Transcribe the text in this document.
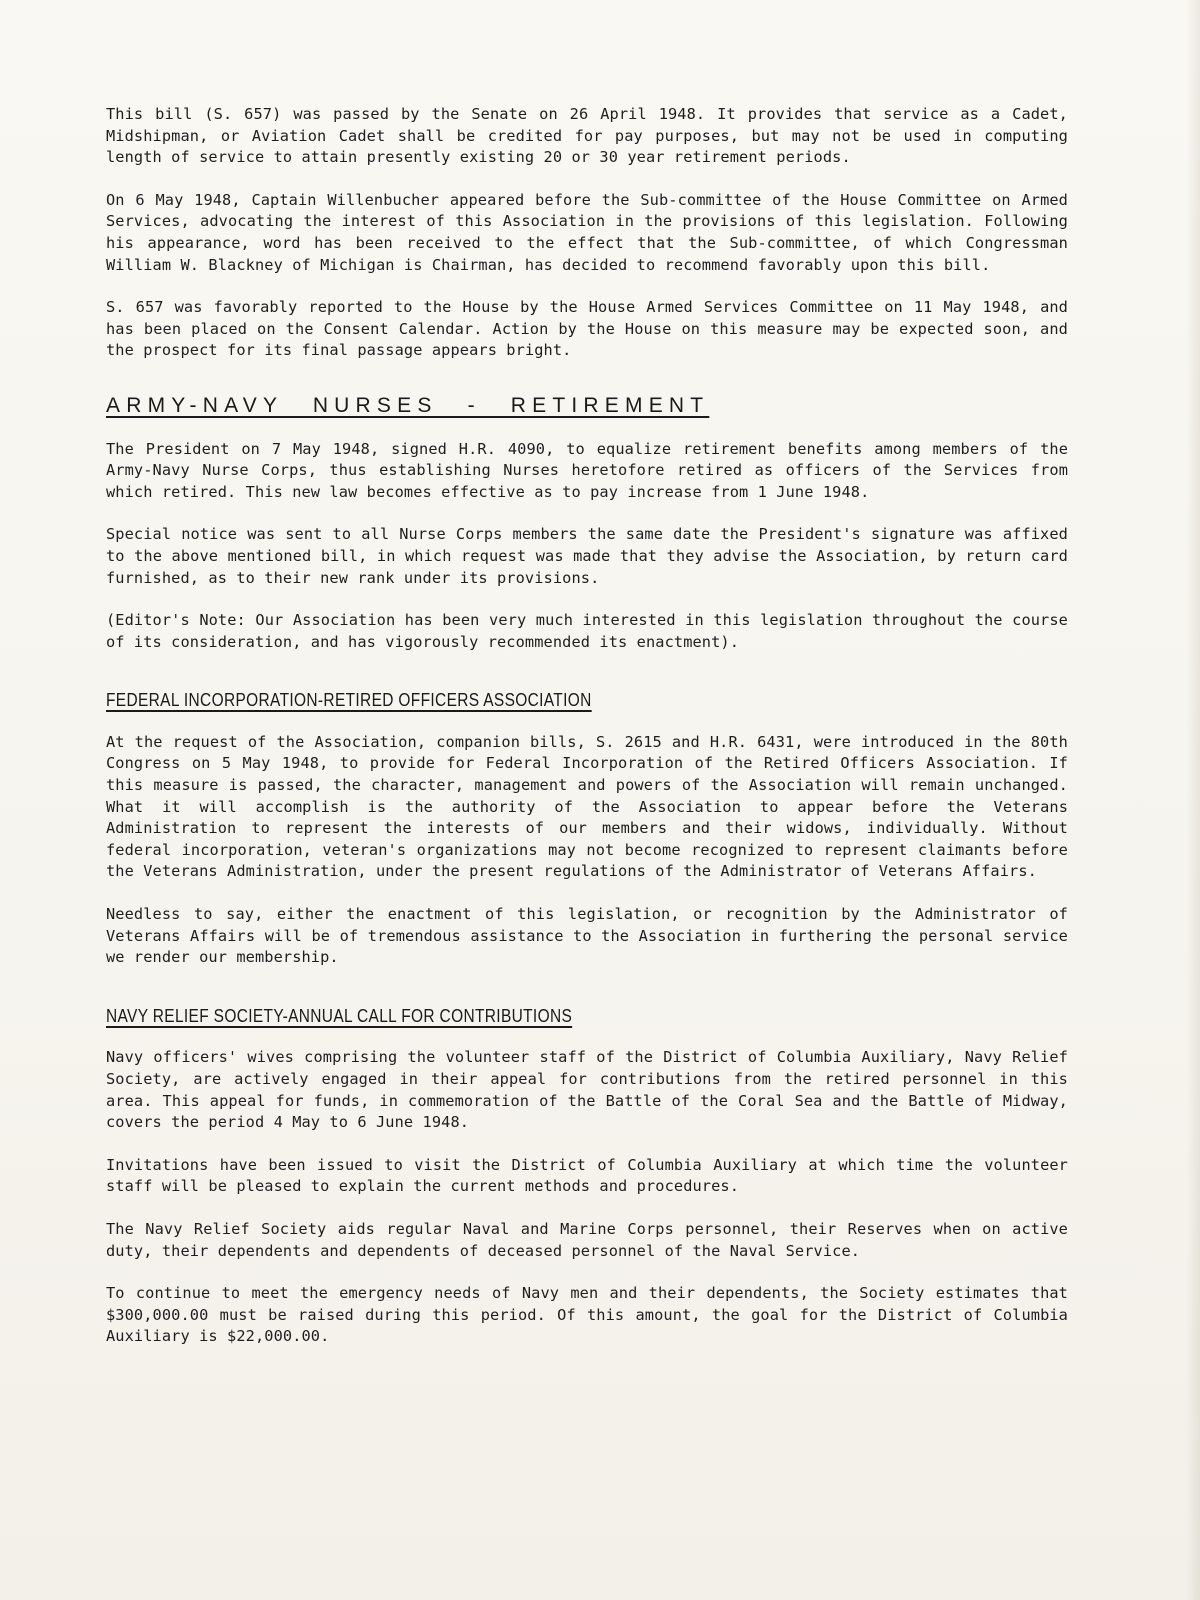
This bill (S. 657) was passed by the Senate on 26 April 1948. It provides that service as a Cadet, Midshipman, or Aviation Cadet shall be credited for pay purposes, but may not be used in computing length of service to attain presently existing 20 or 30 year retirement periods.

On 6 May 1948, Captain Willenbucher appeared before the Sub-committee of the House Committee on Armed Services, advocating the interest of this Association in the provisions of this legislation. Following his appearance, word has been received to the effect that the Sub-committee, of which Congressman William W. Blackney of Michigan is Chairman, has decided to recommend favorably upon this bill.

S. 657 was favorably reported to the House by the House Armed Services Committee on 11 May 1948, and has been placed on the Consent Calendar. Action by the House on this measure may be expected soon, and the prospect for its final passage appears bright.

ARMY-NAVY NURSES - RETIREMENT

The President on 7 May 1948, signed H.R. 4090, to equalize retirement benefits among members of the Army-Navy Nurse Corps, thus establishing Nurses heretofore retired as officers of the Services from which retired. This new law becomes effective as to pay increase from 1 June 1948.

Special notice was sent to all Nurse Corps members the same date the President's signature was affixed to the above mentioned bill, in which request was made that they advise the Association, by return card furnished, as to their new rank under its provisions.

(Editor's Note: Our Association has been very much interested in this legislation throughout the course of its consideration, and has vigorously recommended its enactment).

FEDERAL INCORPORATION-RETIRED OFFICERS ASSOCIATION

At the request of the Association, companion bills, S. 2615 and H.R. 6431, were introduced in the 80th Congress on 5 May 1948, to provide for Federal Incorporation of the Retired Officers Association. If this measure is passed, the character, management and powers of the Association will remain unchanged. What it will accomplish is the authority of the Association to appear before the Veterans Administration to represent the interests of our members and their widows, individually. Without federal incorporation, veteran's organizations may not become recognized to represent claimants before the Veterans Administration, under the present regulations of the Administrator of Veterans Affairs.

Needless to say, either the enactment of this legislation, or recognition by the Administrator of Veterans Affairs will be of tremendous assistance to the Association in furthering the personal service we render our membership.

NAVY RELIEF SOCIETY-ANNUAL CALL FOR CONTRIBUTIONS

Navy officers' wives comprising the volunteer staff of the District of Columbia Auxiliary, Navy Relief Society, are actively engaged in their appeal for contributions from the retired personnel in this area. This appeal for funds, in commemoration of the Battle of the Coral Sea and the Battle of Midway, covers the period 4 May to 6 June 1948.

Invitations have been issued to visit the District of Columbia Auxiliary at which time the volunteer staff will be pleased to explain the current methods and procedures.

The Navy Relief Society aids regular Naval and Marine Corps personnel, their Reserves when on active duty, their dependents and dependents of deceased personnel of the Naval Service.

To continue to meet the emergency needs of Navy men and their dependents, the Society estimates that $300,000.00 must be raised during this period. Of this amount, the goal for the District of Columbia Auxiliary is $22,000.00.
